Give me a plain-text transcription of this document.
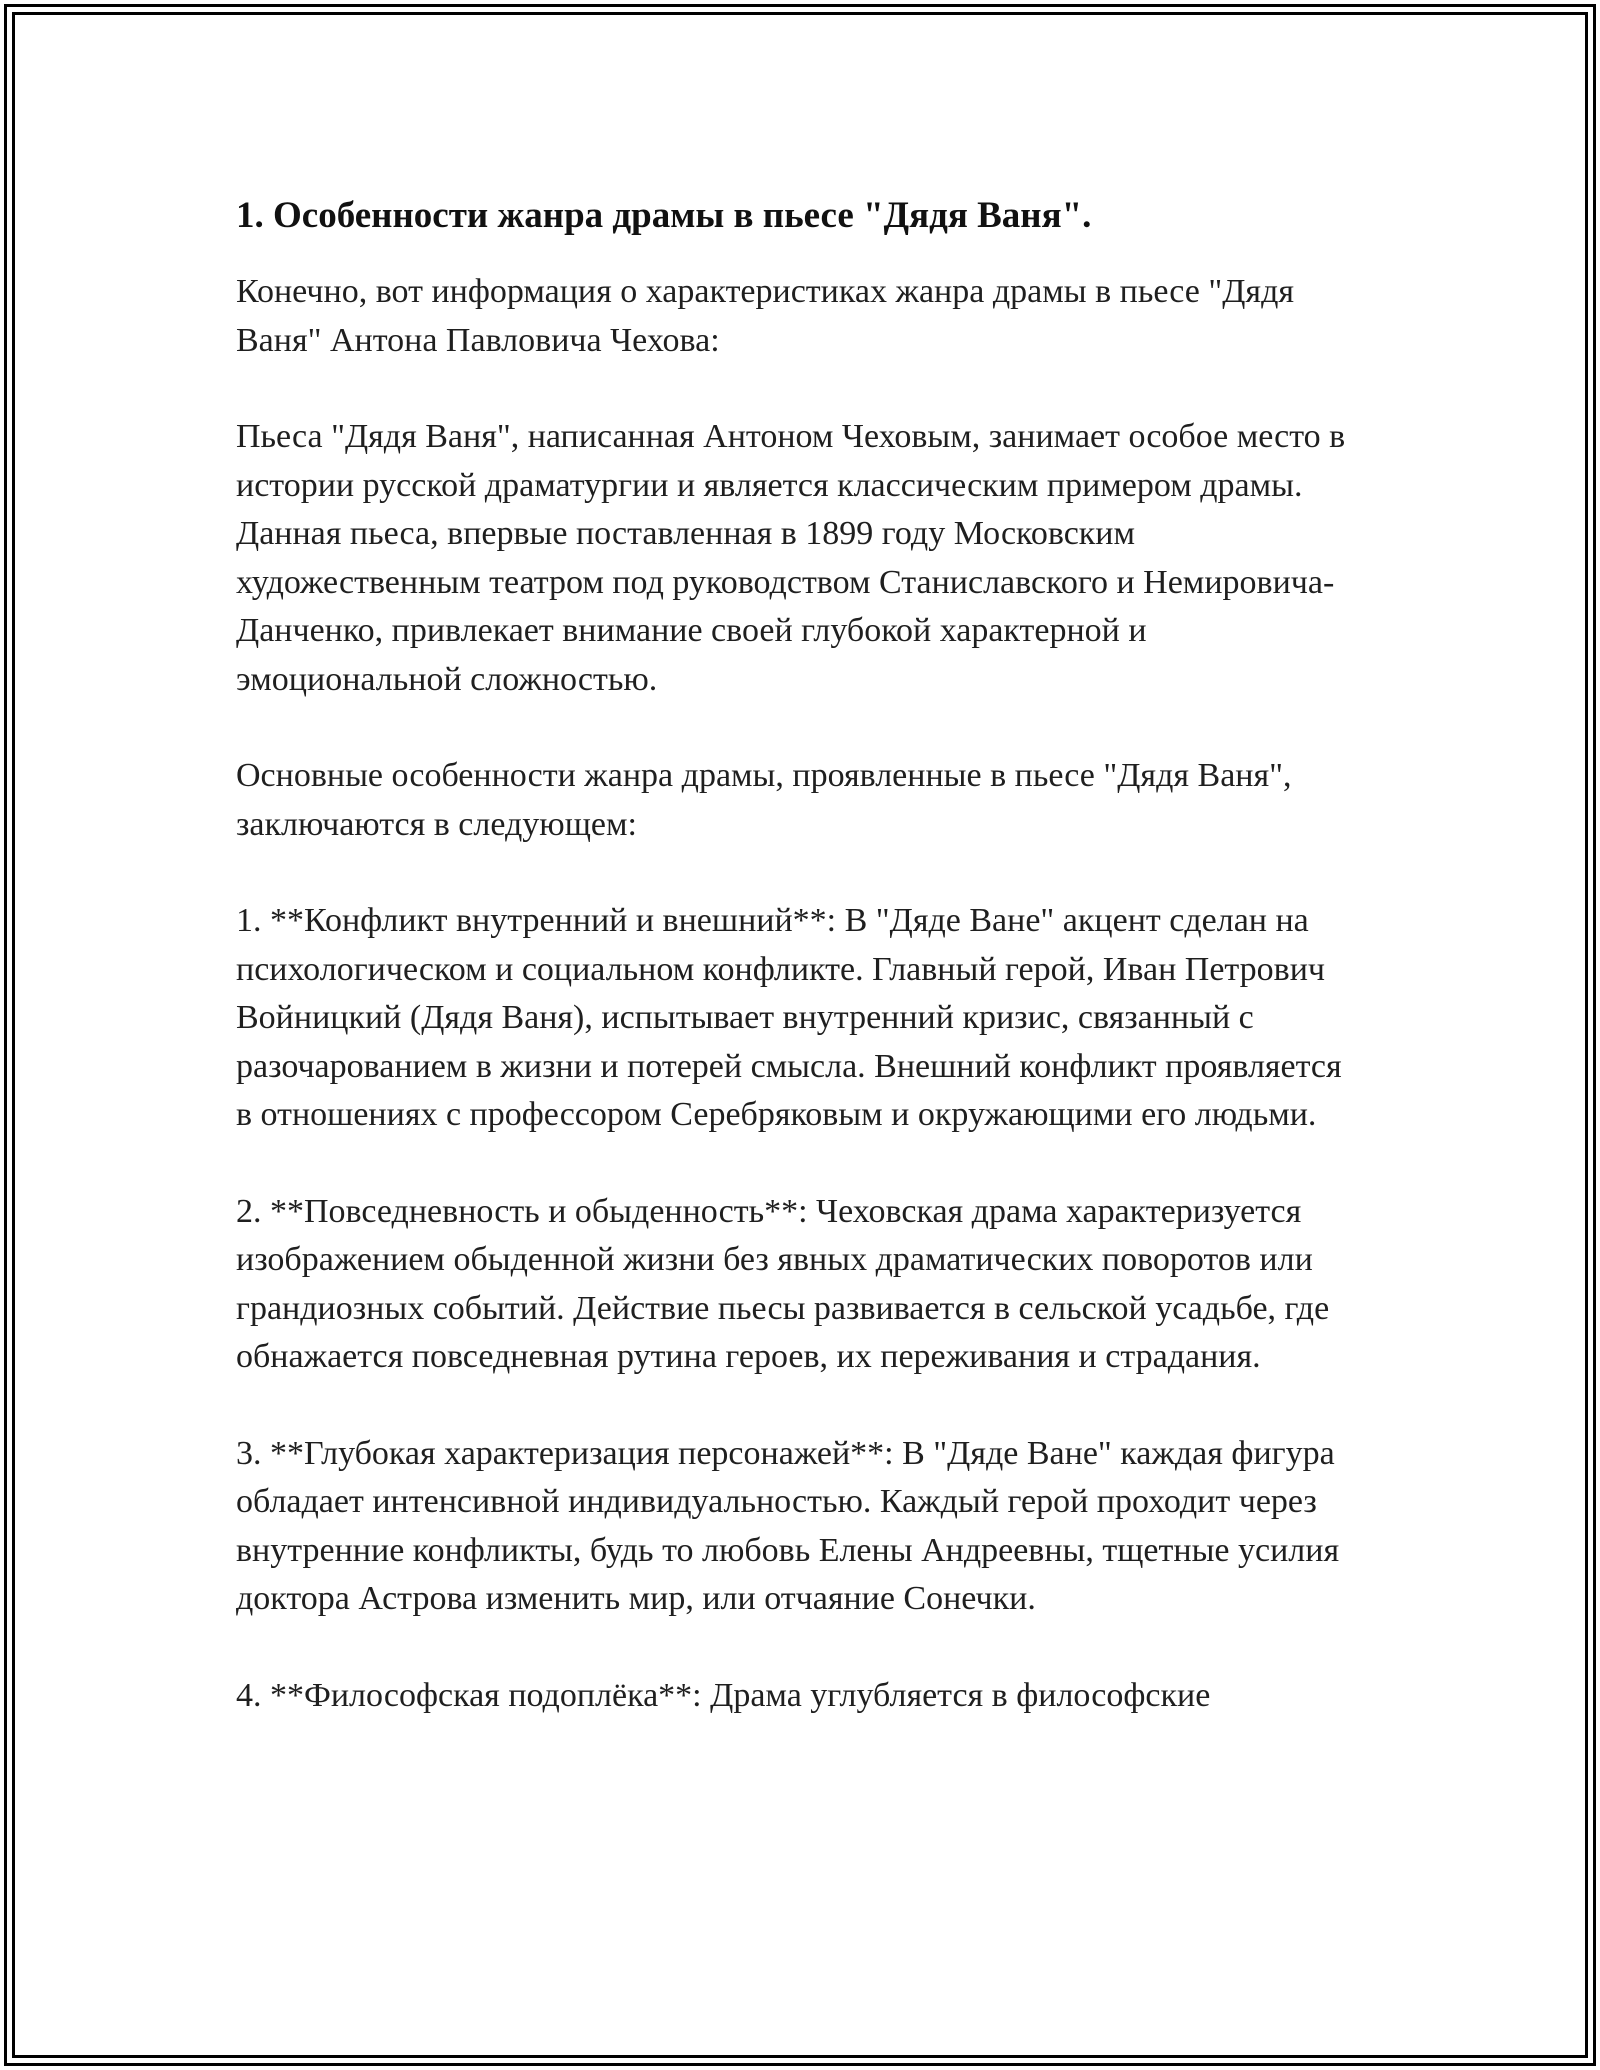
1. Особенности жанра драмы в пьесе "Дядя Ваня".

Конечно, вот информация о характеристиках жанра драмы в пьесе "Дядя Ваня" Антона Павловича Чехова:

Пьеса "Дядя Ваня", написанная Антоном Чеховым, занимает особое место в истории русской драматургии и является классическим примером драмы. Данная пьеса, впервые поставленная в 1899 году Московским художественным театром под руководством Станиславского и Немировича-Данченко, привлекает внимание своей глубокой характерной и эмоциональной сложностью.

Основные особенности жанра драмы, проявленные в пьесе "Дядя Ваня", заключаются в следующем:

1. **Конфликт внутренний и внешний**: В "Дяде Ване" акцент сделан на психологическом и социальном конфликте. Главный герой, Иван Петрович Войницкий (Дядя Ваня), испытывает внутренний кризис, связанный с разочарованием в жизни и потерей смысла. Внешний конфликт проявляется в отношениях с профессором Серебряковым и окружающими его людьми.

2. **Повседневность и обыденность**: Чеховская драма характеризуется изображением обыденной жизни без явных драматических поворотов или грандиозных событий. Действие пьесы развивается в сельской усадьбе, где обнажается повседневная рутина героев, их переживания и страдания.

3. **Глубокая характеризация персонажей**: В "Дяде Ване" каждая фигура обладает интенсивной индивидуальностью. Каждый герой проходит через внутренние конфликты, будь то любовь Елены Андреевны, тщетные усилия доктора Астрова изменить мир, или отчаяние Сонечки.

4. **Философская подоплёка**: Драма углубляется в философские
